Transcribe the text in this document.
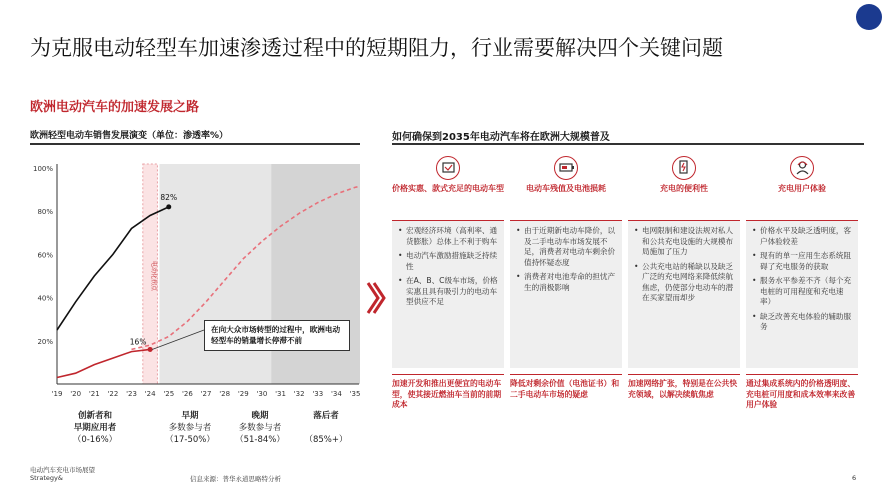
为克服电动轻型车加速渗透过程中的短期阻力，行业需要解决四个关键问题
欧洲电动汽车的加速发展之路
欧洲轻型电动车销售发展演变（单位：渗透率%）	如何确保到2035年电动汽车将在欧洲大规模普及
电动化拐点
20%
40%
60%
80%
100%
'19 '20 '21 '22 '23 '24 '25 '26 '27 '28 '29 '30 '31 '32 '33 '34 '35
82%
16%
创新者和
早期应用者
（0-16%）
早期
多数参与者
（17-50%）
晚期
多数参与者
（51-84%）
落后者

（85%+）
在向大众市场转型的过程中，欧洲电动轻型车的销量增长停滞不前
价格实惠、款式充足的电动车型

• 宏观经济环境（高利率、通货膨胀）总体上不利于购车

• 电动汽车激励措施缺乏持续性

• 在A、B、C级车市场，价格实惠且具有吸引力的电动车型供应不足

加速开发和推出更便宜的电动车型，使其接近燃油车当前的前期成本
电动车残值及电池损耗

• 由于近期新电动车降价，以及二手电动车市场发展不足，消费者对电动车剩余价值持怀疑态度

• 消费者对电池寿命的担忧产生的消极影响

降低对剩余价值（电池证书）和二手电动车市场的疑虑
充电的便利性

• 电网限制和建设法规对私人和公共充电设施的大规模布局施加了压力

• 公共充电站的稀缺以及缺乏广泛的充电网络来降低续航焦虑，仍使部分电动车的潜在买家望而却步

加速网络扩张，特别是在公共快充领域，以解决续航焦虑
充电用户体验

• 价格水平及缺乏透明度，客户体验较差

• 现有的单一应用生态系统阻碍了充电服务的获取

• 服务水平参差不齐（每个充电桩的可用程度和充电速率）

• 缺乏改善充电体验的辅助服务

通过集成系统内的价格透明度、充电桩可用度和成本效率来改善用户体验
电动汽车充电市场展望
Strategy&	信息来源：普华永道思略特分析	6
